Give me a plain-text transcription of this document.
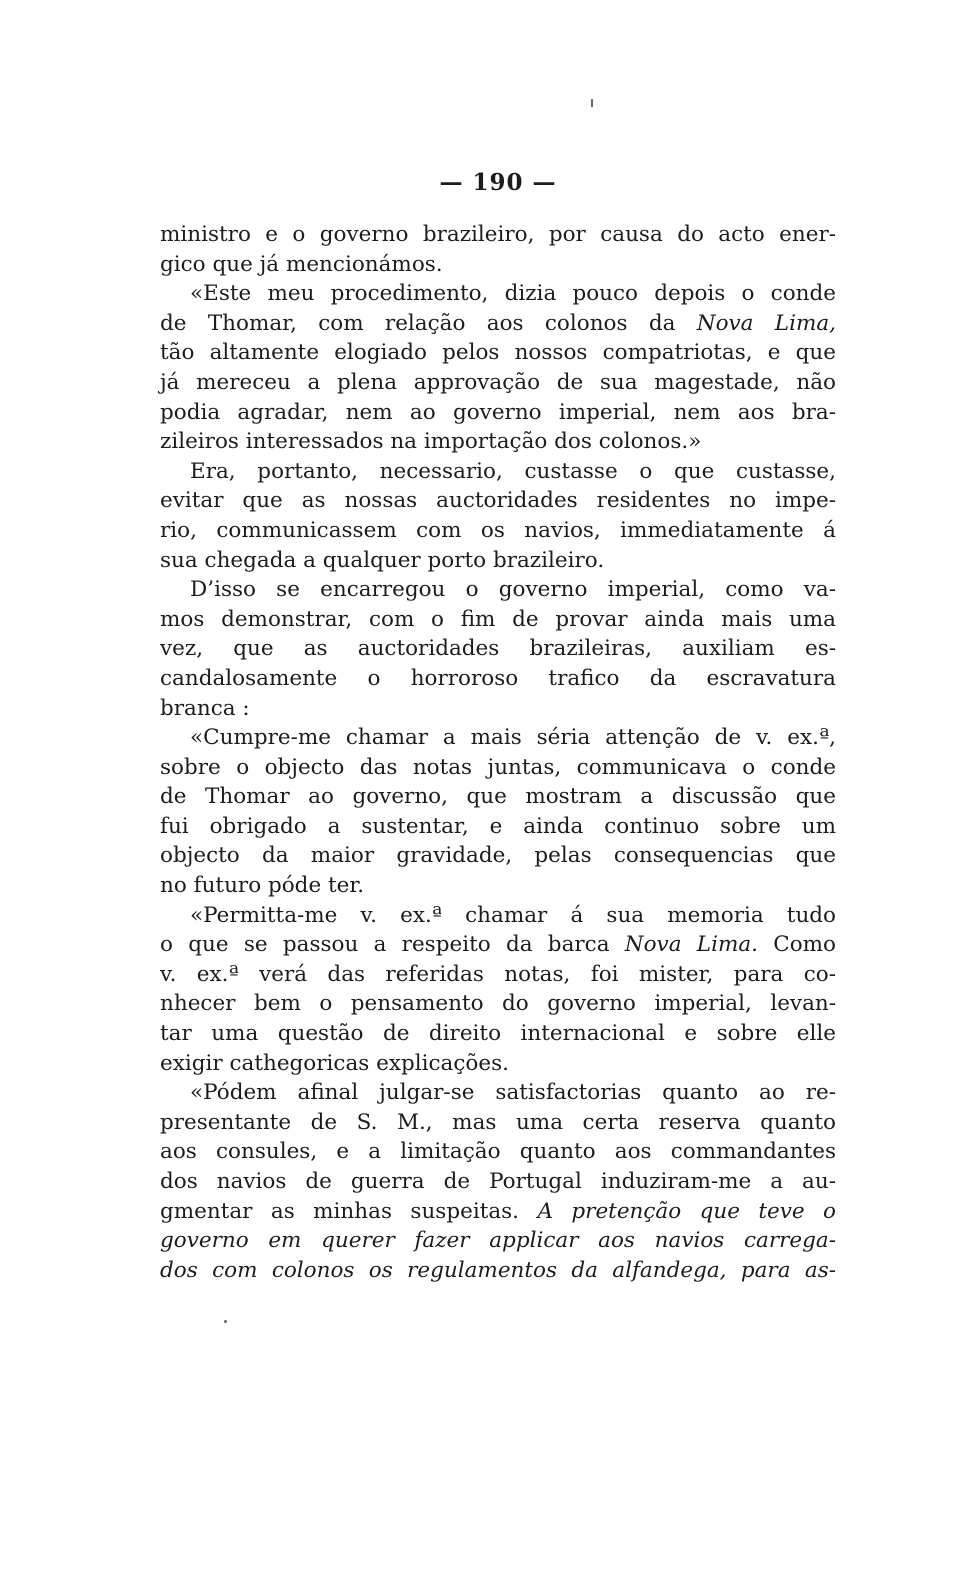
— 190 —
ministro e o governo brazileiro, por causa do acto ener-
gico que já mencionámos.
«Este meu procedimento, dizia pouco depois o conde
de Thomar, com relação aos colonos da Nova Lima,
tão altamente elogiado pelos nossos compatriotas, e que
já mereceu a plena approvação de sua magestade, não
podia agradar, nem ao governo imperial, nem aos bra-
zileiros interessados na importação dos colonos.»
Era, portanto, necessario, custasse o que custasse,
evitar que as nossas auctoridades residentes no impe-
rio, communicassem com os navios, immediatamente á
sua chegada a qualquer porto brazileiro.
D’isso se encarregou o governo imperial, como va-
mos demonstrar, com o fim de provar ainda mais uma
vez, que as auctoridades brazileiras, auxiliam es-
candalosamente o horroroso trafico da escravatura
branca :
«Cumpre-me chamar a mais séria attenção de v. ex.ª,
sobre o objecto das notas juntas, communicava o conde
de Thomar ao governo, que mostram a discussão que
fui obrigado a sustentar, e ainda continuo sobre um
objecto da maior gravidade, pelas consequencias que
no futuro póde ter.
«Permitta-me v. ex.ª chamar á sua memoria tudo
o que se passou a respeito da barca Nova Lima. Como
v. ex.ª verá das referidas notas, foi mister, para co-
nhecer bem o pensamento do governo imperial, levan-
tar uma questão de direito internacional e sobre elle
exigir cathegoricas explicações.
«Pódem afinal julgar-se satisfactorias quanto ao re-
presentante de S. M., mas uma certa reserva quanto
aos consules, e a limitação quanto aos commandantes
dos navios de guerra de Portugal induziram-me a au-
gmentar as minhas suspeitas. A pretenção que teve o
governo em querer fazer applicar aos navios carrega-
dos com colonos os regulamentos da alfandega, para as-
